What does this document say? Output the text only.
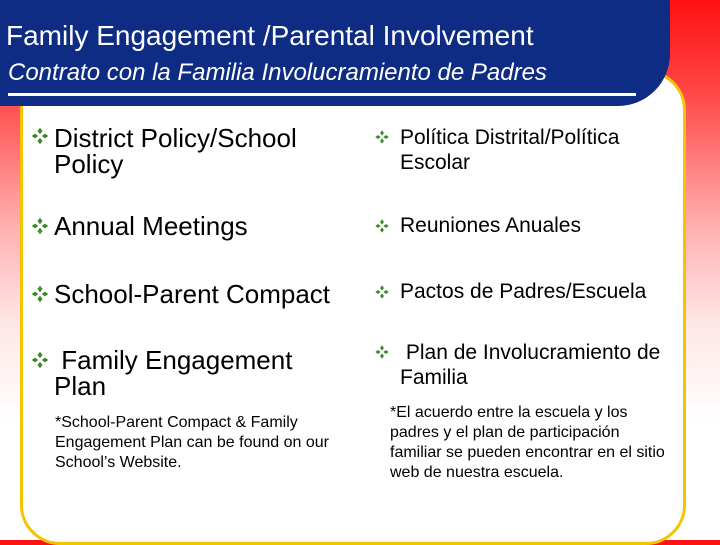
Family Engagement /Parental Involvement
Contrato con la Familia Involucramiento de Padres
District Policy/School Policy
Annual Meetings
School-Parent Compact
Family Engagement Plan
*School-Parent Compact & Family Engagement Plan can be found on our School’s Website.
Política Distrital/Política Escolar
Reuniones Anuales
Pactos de Padres/Escuela
Plan de Involucramiento de Familia
*El acuerdo entre la escuela y los padres y el plan de participación familiar se pueden encontrar en el sitio web de nuestra escuela.
